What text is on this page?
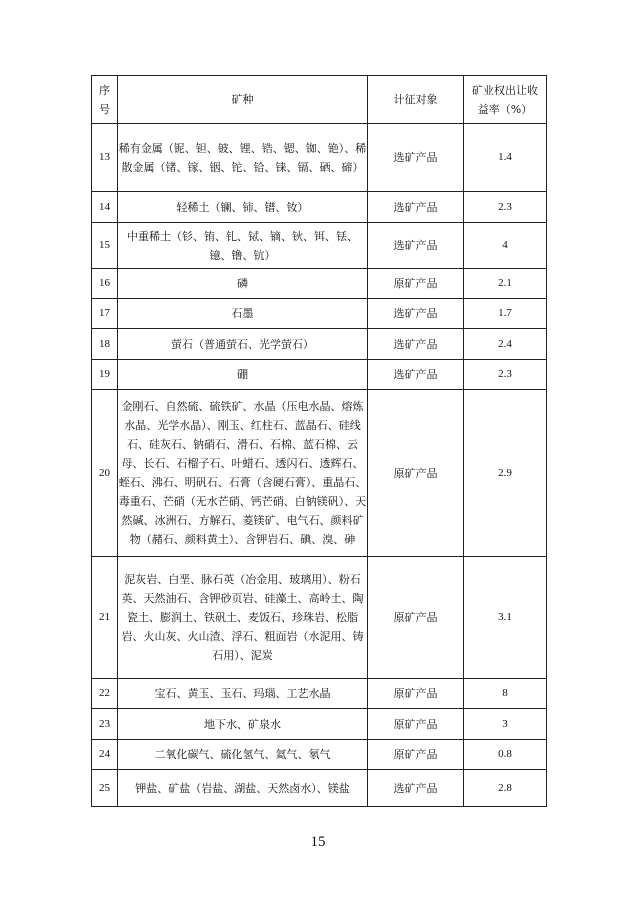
序号	矿种	计征对象	矿业权出让收益率（%）
13	稀有金属（铌、钽、铍、锂、锆、锶、铷、铯）、稀散金属（锗、镓、铟、铊、铪、铼、镉、硒、碲）	选矿产品	1.4
14	轻稀土（镧、铈、镨、钕）	选矿产品	2.3
15	中重稀土（钐、铕、钆、铽、镝、钬、铒、铥、镱、镥、钪）	选矿产品	4
16	磷	原矿产品	2.1
17	石墨	选矿产品	1.7
18	萤石（普通萤石、光学萤石）	选矿产品	2.4
19	硼	选矿产品	2.3
20	金刚石、自然硫、硫铁矿、水晶（压电水晶、熔炼水晶、光学水晶）、刚玉、红柱石、蓝晶石、硅线石、硅灰石、钠硝石、滑石、石棉、蓝石棉、云母、长石、石榴子石、叶蜡石、透闪石、透辉石、蛭石、沸石、明矾石、石膏（含硬石膏）、重晶石、毒重石、芒硝（无水芒硝、钙芒硝、白钠镁矾）、天然碱、冰洲石、方解石、菱镁矿、电气石、颜料矿物（赭石、颜料黄土）、含钾岩石、碘、溴、砷	原矿产品	2.9
21	泥灰岩、白垩、脉石英（冶金用、玻璃用）、粉石英、天然油石、含钾砂页岩、硅藻土、高岭土、陶瓷土、膨润土、铁矾土、麦饭石、珍珠岩、松脂岩、火山灰、火山渣、浮石、粗面岩（水泥用、铸石用）、泥炭	原矿产品	3.1
22	宝石、黄玉、玉石、玛瑙、工艺水晶	原矿产品	8
23	地下水、矿泉水	原矿产品	3
24	二氧化碳气、硫化氢气、氦气、氡气	原矿产品	0.8
25	钾盐、矿盐（岩盐、湖盐、天然卤水）、镁盐	选矿产品	2.8
15
